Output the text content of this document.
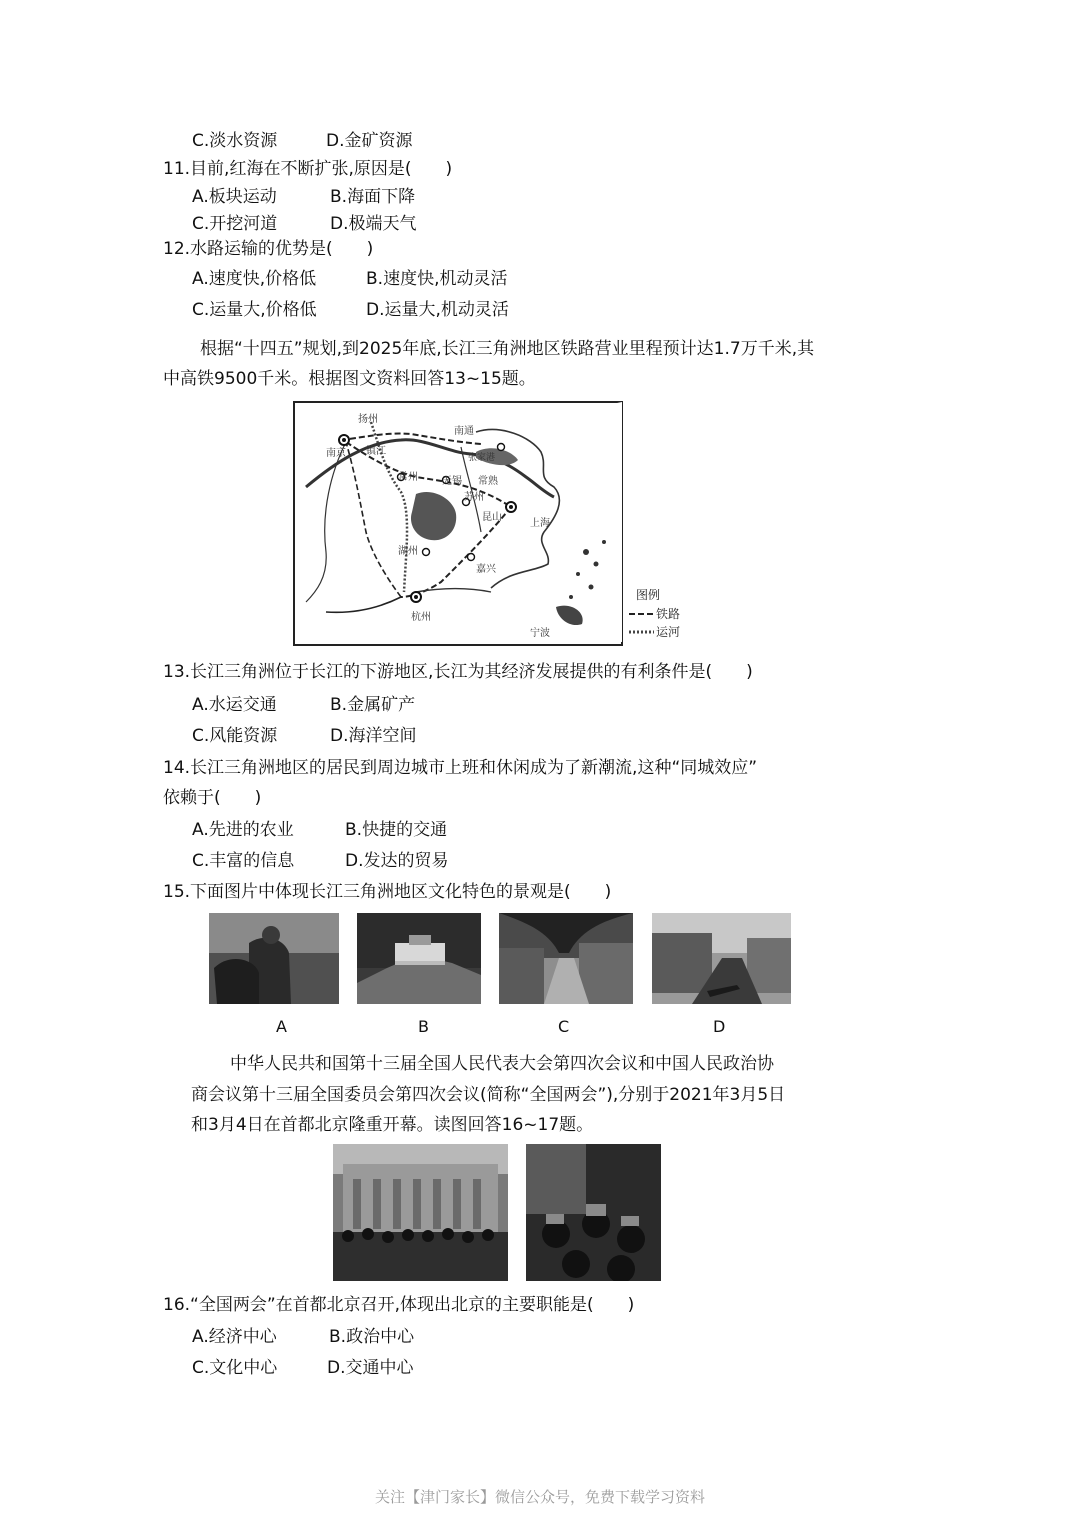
C.淡水资源	D.金矿资源
11.目前,红海在不断扩张,原因是(　　)
A.板块运动	B.海面下降
C.开挖河道	D.极端天气
12.水路运输的优势是(　　)
A.速度快,价格低	B.速度快,机动灵活
C.运量大,价格低	D.运量大,机动灵活
根据“十四五”规划,到2025年底,长江三角洲地区铁路营业里程预计达1.7万千米,其
中高铁9500千米。根据图文资料回答13~15题。
扬州
南通
南京 镇江
张家港
常州 无锡 常熟
苏州
昆山
上海
湖州
嘉兴
杭州
宁波
图例
铁路
运河
13.长江三角洲位于长江的下游地区,长江为其经济发展提供的有利条件是(　　)
A.水运交通	B.金属矿产
C.风能资源	D.海洋空间
14.长江三角洲地区的居民到周边城市上班和休闲成为了新潮流,这种“同城效应”
依赖于(　　)
A.先进的农业	B.快捷的交通
C.丰富的信息	D.发达的贸易
15.下面图片中体现长江三角洲地区文化特色的景观是(　　)
A	B	C	D
中华人民共和国第十三届全国人民代表大会第四次会议和中国人民政治协
商会议第十三届全国委员会第四次会议(简称“全国两会”),分别于2021年3月5日
和3月4日在首都北京隆重开幕。读图回答16~17题。
16.“全国两会”在首都北京召开,体现出北京的主要职能是(　　)
A.经济中心	B.政治中心
C.文化中心	D.交通中心
关注【津门家长】微信公众号，免费下载学习资料
